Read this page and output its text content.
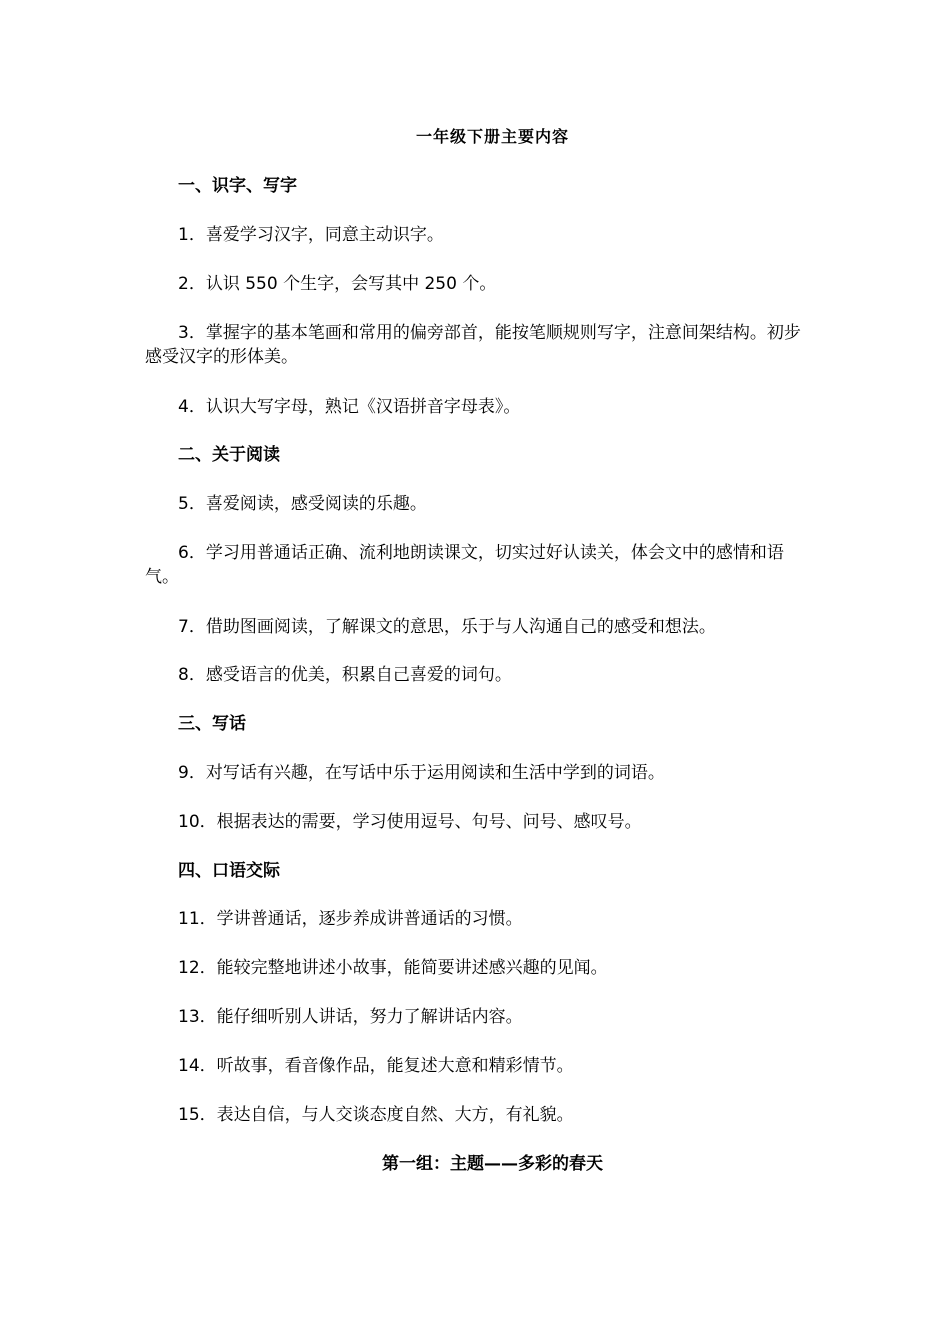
一年级下册主要内容
一、识字、写字
1．喜爱学习汉字，同意主动识字。
2．认识 550 个生字，会写其中 250 个。
3．掌握字的基本笔画和常用的偏旁部首，能按笔顺规则写字，注意间架结构。初步感受汉字的形体美。
4．认识大写字母，熟记《汉语拼音字母表》。
二、关于阅读
5．喜爱阅读，感受阅读的乐趣。
6．学习用普通话正确、流利地朗读课文，切实过好认读关，体会文中的感情和语气。
7．借助图画阅读，了解课文的意思，乐于与人沟通自己的感受和想法。
8．感受语言的优美，积累自己喜爱的词句。
三、写话
9．对写话有兴趣，在写话中乐于运用阅读和生活中学到的词语。
10．根据表达的需要，学习使用逗号、句号、问号、感叹号。
四、口语交际
11．学讲普通话，逐步养成讲普通话的习惯。
12．能较完整地讲述小故事，能简要讲述感兴趣的见闻。
13．能仔细听别人讲话，努力了解讲话内容。
14．听故事，看音像作品，能复述大意和精彩情节。
15．表达自信，与人交谈态度自然、大方，有礼貌。
第一组：主题——多彩的春天
